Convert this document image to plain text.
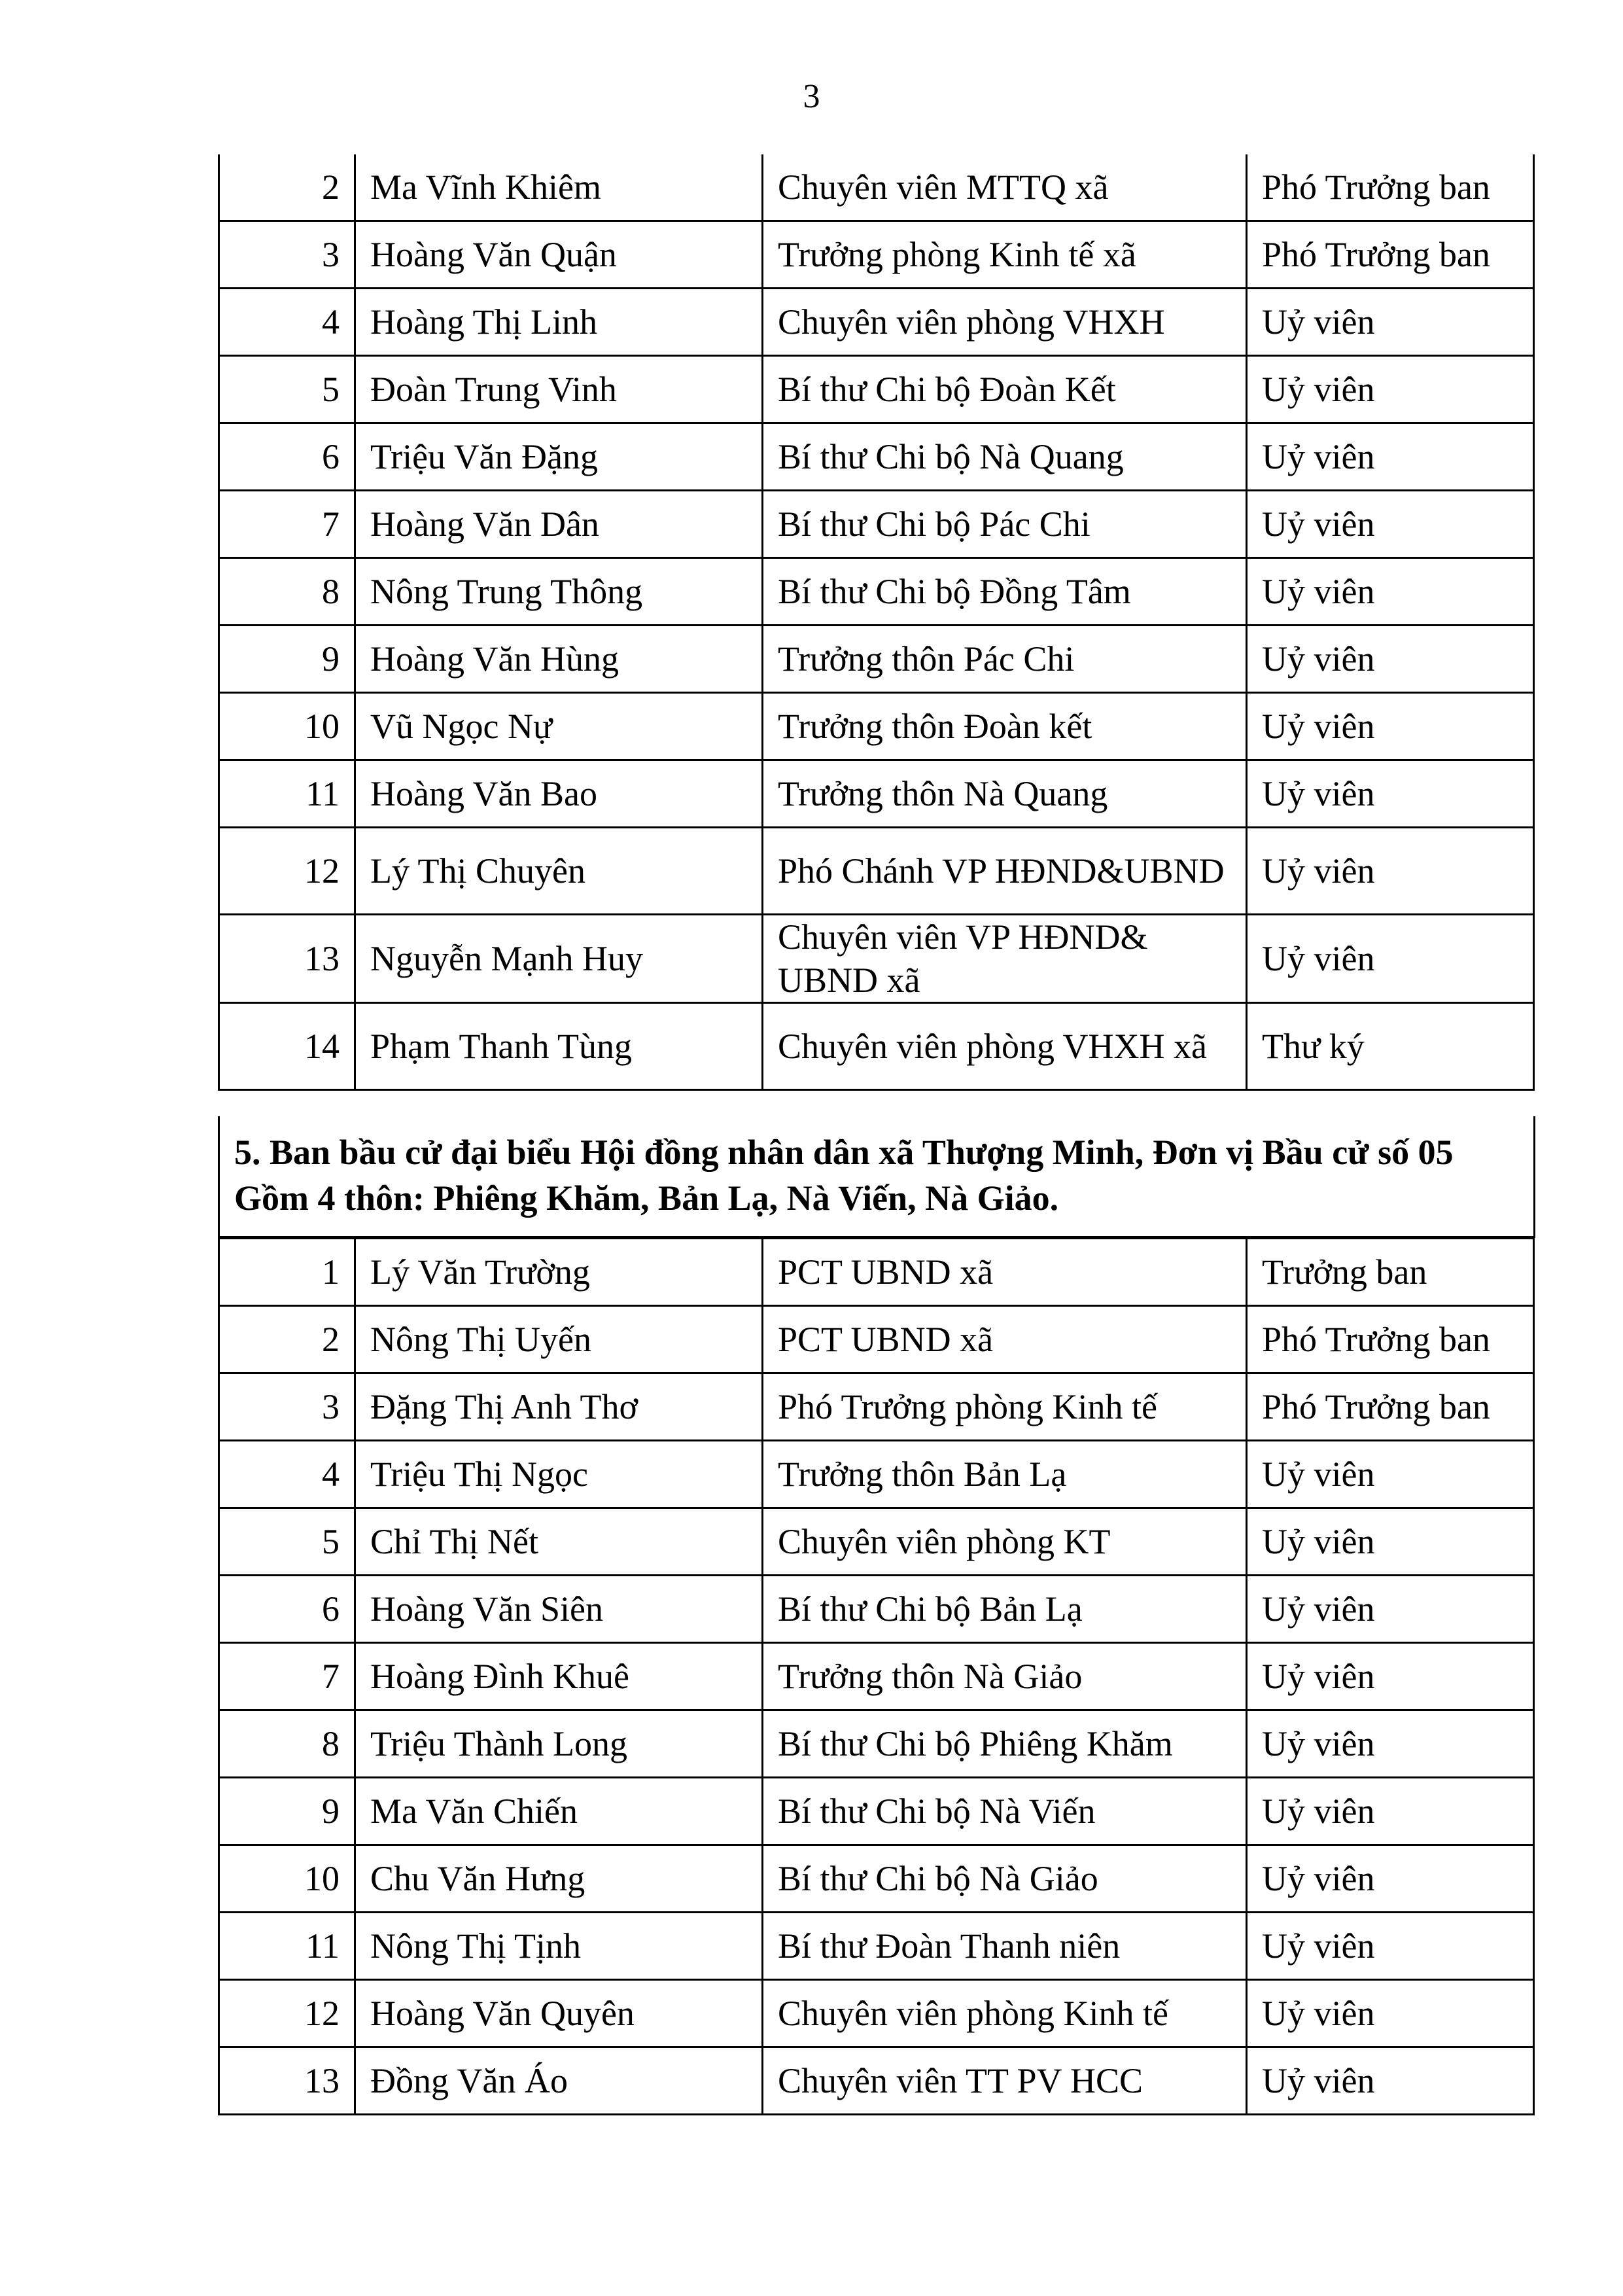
3
2	Ma Vĩnh Khiêm	Chuyên viên MTTQ xã	Phó Trưởng ban
3	Hoàng Văn Quận	Trưởng phòng Kinh tế xã	Phó Trưởng ban
4	Hoàng Thị Linh	Chuyên viên phòng VHXH	Uỷ viên
5	Đoàn Trung Vinh	Bí thư Chi bộ Đoàn Kết	Uỷ viên
6	Triệu Văn Đặng	Bí thư Chi bộ Nà Quang	Uỷ viên
7	Hoàng Văn Dân	Bí thư Chi bộ Pác Chi	Uỷ viên
8	Nông Trung Thông	Bí thư Chi bộ Đồng Tâm	Uỷ viên
9	Hoàng Văn Hùng	Trưởng thôn Pác Chi	Uỷ viên
10	Vũ Ngọc Nự	Trưởng thôn Đoàn kết	Uỷ viên
11	Hoàng Văn Bao	Trưởng thôn Nà Quang	Uỷ viên
12	Lý Thị Chuyên	Phó Chánh VP HĐND&UBND	Uỷ viên
13	Nguyễn Mạnh Huy	Chuyên viên VP HĐND& UBND xã	Uỷ viên
14	Phạm Thanh Tùng	Chuyên viên phòng VHXH xã	Thư ký
5. Ban bầu cử đại biểu Hội đồng nhân dân xã Thượng Minh, Đơn vị Bầu cử số 05 Gồm 4 thôn: Phiêng Khăm, Bản Lạ, Nà Viến, Nà Giảo.
1	Lý Văn Trường	PCT UBND xã	Trưởng ban
2	Nông Thị Uyến	PCT UBND xã	Phó Trưởng ban
3	Đặng Thị Anh Thơ	Phó Trưởng phòng Kinh tế	Phó Trưởng ban
4	Triệu Thị Ngọc	Trưởng thôn Bản Lạ	Uỷ viên
5	Chỉ Thị Nết	Chuyên viên phòng KT	Uỷ viên
6	Hoàng Văn Siên	Bí thư Chi bộ Bản Lạ	Uỷ viên
7	Hoàng Đình Khuê	Trưởng thôn Nà Giảo	Uỷ viên
8	Triệu Thành Long	Bí thư Chi bộ Phiêng Khăm	Uỷ viên
9	Ma Văn Chiến	Bí thư Chi bộ Nà Viến	Uỷ viên
10	Chu Văn Hưng	Bí thư Chi bộ Nà Giảo	Uỷ viên
11	Nông Thị Tịnh	Bí thư Đoàn Thanh niên	Uỷ viên
12	Hoàng Văn Quyên	Chuyên viên phòng Kinh tế	Uỷ viên
13	Đồng Văn Áo	Chuyên viên TT PV HCC	Uỷ viên
